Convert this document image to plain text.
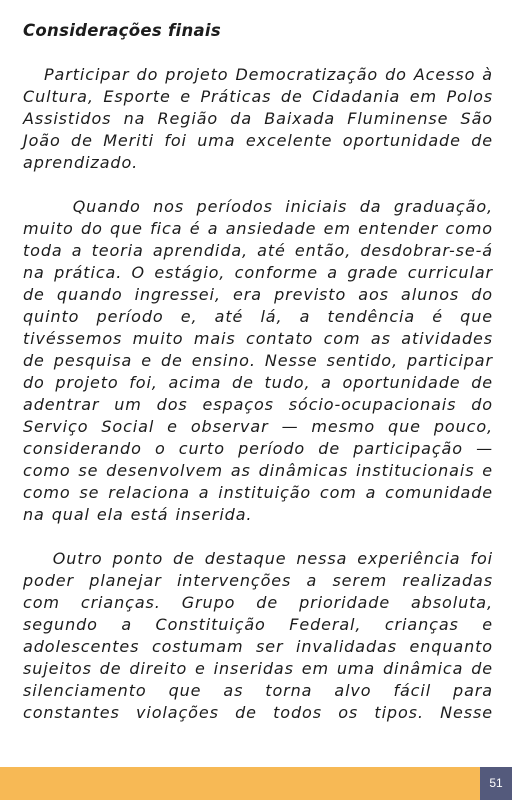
Considerações finais

Participar do projeto Democratização do Acesso à Cultura, Esporte e Práticas de Cidadania em Polos Assistidos na Região da Baixada Fluminense São João de Meriti foi uma excelente oportunidade de aprendizado.

Quando nos períodos iniciais da graduação, muito do que fica é a ansiedade em entender como toda a teoria aprendida, até então, desdobrar-se-á na prática. O estágio, conforme a grade curricular de quando ingressei, era previsto aos alunos do quinto período e, até lá, a tendência é que tivéssemos muito mais contato com as atividades de pesquisa e de ensino. Nesse sentido, participar do projeto foi, acima de tudo, a oportunidade de adentrar um dos espaços sócio-ocupacionais do Serviço Social e observar — mesmo que pouco, considerando o curto período de participação — como se desenvolvem as dinâmicas institucionais e como se relaciona a instituição com a comunidade na qual ela está inserida.

Outro ponto de destaque nessa experiência foi poder planejar intervenções a serem realizadas com crianças. Grupo de prioridade absoluta, segundo a Constituição Federal, crianças e adolescentes costumam ser invalidadas enquanto sujeitos de direito e inseridas em uma dinâmica de silenciamento que as torna alvo fácil para constantes violações de todos os tipos. Nesse

51
